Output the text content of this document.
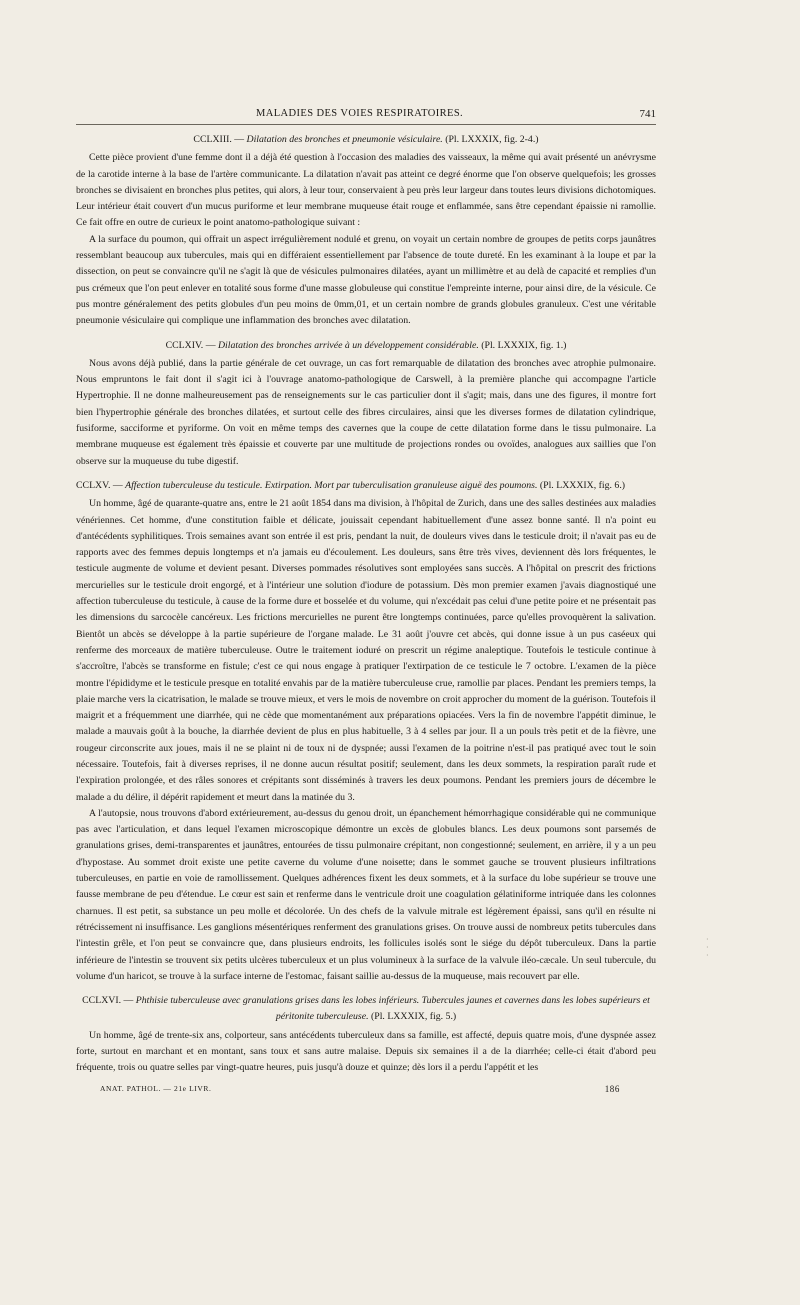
MALADIES DES VOIES RESPIRATOIRES.	741
CCLXIII. — Dilatation des bronches et pneumonie vésiculaire. (Pl. LXXXIX, fig. 2-4.)

Cette pièce provient d'une femme dont il a déjà été question à l'occasion des maladies des vaisseaux, la même qui avait présenté un anévrysme de la carotide interne à la base de l'artère communicante. La dilatation n'avait pas atteint ce degré énorme que l'on observe quelquefois; les grosses bronches se divisaient en bronches plus petites, qui alors, à leur tour, conservaient à peu près leur largeur dans toutes leurs divisions dichotomiques. Leur intérieur était couvert d'un mucus puriforme et leur membrane muqueuse était rouge et enflammée, sans être cependant épaissie ni ramollie. Ce fait offre en outre de curieux le point anatomo-pathologique suivant :

A la surface du poumon, qui offrait un aspect irrégulièrement nodulé et grenu, on voyait un certain nombre de groupes de petits corps jaunâtres ressemblant beaucoup aux tubercules, mais qui en différaient essentiellement par l'absence de toute dureté. En les examinant à la loupe et par la dissection, on peut se convaincre qu'il ne s'agit là que de vésicules pulmonaires dilatées, ayant un millimètre et au delà de capacité et remplies d'un pus crémeux que l'on peut enlever en totalité sous forme d'une masse globuleuse qui constitue l'empreinte interne, pour ainsi dire, de la vésicule. Ce pus montre généralement des petits globules d'un peu moins de 0mm,01, et un certain nombre de grands globules granuleux. C'est une véritable pneumonie vésiculaire qui complique une inflammation des bronches avec dilatation.

CCLXIV. — Dilatation des bronches arrivée à un développement considérable. (Pl. LXXXIX, fig. 1.)

Nous avons déjà publié, dans la partie générale de cet ouvrage, un cas fort remarquable de dilatation des bronches avec atrophie pulmonaire. Nous empruntons le fait dont il s'agit ici à l'ouvrage anatomo-pathologique de Carswell, à la première planche qui accompagne l'article Hypertrophie. Il ne donne malheureusement pas de renseignements sur le cas particulier dont il s'agit; mais, dans une des figures, il montre fort bien l'hypertrophie générale des bronches dilatées, et surtout celle des fibres circulaires, ainsi que les diverses formes de dilatation cylindrique, fusiforme, sacciforme et pyriforme. On voit en même temps des cavernes que la coupe de cette dilatation forme dans le tissu pulmonaire. La membrane muqueuse est également très épaissie et couverte par une multitude de projections rondes ou ovoïdes, analogues aux saillies que l'on observe sur la muqueuse du tube digestif.

CCLXV. — Affection tuberculeuse du testicule. Extirpation. Mort par tuberculisation granuleuse aiguë des poumons. (Pl. LXXXIX, fig. 6.)

Un homme, âgé de quarante-quatre ans, entre le 21 août 1854 dans ma division, à l'hôpital de Zurich, dans une des salles destinées aux maladies vénériennes. Cet homme, d'une constitution faible et délicate, jouissait cependant habituellement d'une assez bonne santé. Il n'a point eu d'antécédents syphilitiques. Trois semaines avant son entrée il est pris, pendant la nuit, de douleurs vives dans le testicule droit; il n'avait pas eu de rapports avec des femmes depuis longtemps et n'a jamais eu d'écoulement. Les douleurs, sans être très vives, deviennent dès lors fréquentes, le testicule augmente de volume et devient pesant. Diverses pommades résolutives sont employées sans succès. A l'hôpital on prescrit des frictions mercurielles sur le testicule droit engorgé, et à l'intérieur une solution d'iodure de potassium. Dès mon premier examen j'avais diagnostiqué une affection tuberculeuse du testicule, à cause de la forme dure et bosselée et du volume, qui n'excédait pas celui d'une petite poire et ne présentait pas les dimensions du sarcocèle cancéreux. Les frictions mercurielles ne purent être longtemps continuées, parce qu'elles provoquèrent la salivation. Bientôt un abcès se développe à la partie supérieure de l'organe malade. Le 31 août j'ouvre cet abcès, qui donne issue à un pus caséeux qui renferme des morceaux de matière tuberculeuse. Outre le traitement ioduré on prescrit un régime analeptique. Toutefois le testicule continue à s'accroître, l'abcès se transforme en fistule; c'est ce qui nous engage à pratiquer l'extirpation de ce testicule le 7 octobre. L'examen de la pièce montre l'épididyme et le testicule presque en totalité envahis par de la matière tuberculeuse crue, ramollie par places. Pendant les premiers temps, la plaie marche vers la cicatrisation, le malade se trouve mieux, et vers le mois de novembre on croit approcher du moment de la guérison. Toutefois il maigrit et a fréquemment une diarrhée, qui ne cède que momentanément aux préparations opiacées. Vers la fin de novembre l'appétit diminue, le malade a mauvais goût à la bouche, la diarrhée devient de plus en plus habituelle, 3 à 4 selles par jour. Il a un pouls très petit et de la fièvre, une rougeur circonscrite aux joues, mais il ne se plaint ni de toux ni de dyspnée; aussi l'examen de la poitrine n'est-il pas pratiqué avec tout le soin nécessaire. Toutefois, fait à diverses reprises, il ne donne aucun résultat positif; seulement, dans les deux sommets, la respiration paraît rude et l'expiration prolongée, et des râles sonores et crépitants sont disséminés à travers les deux poumons. Pendant les premiers jours de décembre le malade a du délire, il dépérit rapidement et meurt dans la matinée du 3.

A l'autopsie, nous trouvons d'abord extérieurement, au-dessus du genou droit, un épanchement hémorrhagique considérable qui ne communique pas avec l'articulation, et dans lequel l'examen microscopique démontre un excès de globules blancs. Les deux poumons sont parsemés de granulations grises, demi-transparentes et jaunâtres, entourées de tissu pulmonaire crépitant, non congestionné; seulement, en arrière, il y a un peu d'hypostase. Au sommet droit existe une petite caverne du volume d'une noisette; dans le sommet gauche se trouvent plusieurs infiltrations tuberculeuses, en partie en voie de ramollissement. Quelques adhérences fixent les deux sommets, et à la surface du lobe supérieur se trouve une fausse membrane de peu d'étendue. Le cœur est sain et renferme dans le ventricule droit une coagulation gélatiniforme intriquée dans les colonnes charnues. Il est petit, sa substance un peu molle et décolorée. Un des chefs de la valvule mitrale est légèrement épaissi, sans qu'il en résulte ni rétrécissement ni insuffisance. Les ganglions mésentériques renferment des granulations grises. On trouve aussi de nombreux petits tubercules dans l'intestin grêle, et l'on peut se convaincre que, dans plusieurs endroits, les follicules isolés sont le siége du dépôt tuberculeux. Dans la partie inférieure de l'intestin se trouvent six petits ulcères tuberculeux et un plus volumineux à la surface de la valvule iléo-cæcale. Un seul tubercule, du volume d'un haricot, se trouve à la surface interne de l'estomac, faisant saillie au-dessus de la muqueuse, mais recouvert par elle.

CCLXVI. — Phthisie tuberculeuse avec granulations grises dans les lobes inférieurs. Tubercules jaunes et cavernes dans les lobes supérieurs et péritonite tuberculeuse. (Pl. LXXXIX, fig. 5.)

Un homme, âgé de trente-six ans, colporteur, sans antécédents tuberculeux dans sa famille, est affecté, depuis quatre mois, d'une dyspnée assez forte, surtout en marchant et en montant, sans toux et sans autre malaise. Depuis six semaines il a de la diarrhée; celle-ci était d'abord peu fréquente, trois ou quatre selles par vingt-quatre heures, puis jusqu'à douze et quinze; dès lors il a perdu l'appétit et les

·
·
·
ANAT. PATHOL. — 21e LIVR.	186
